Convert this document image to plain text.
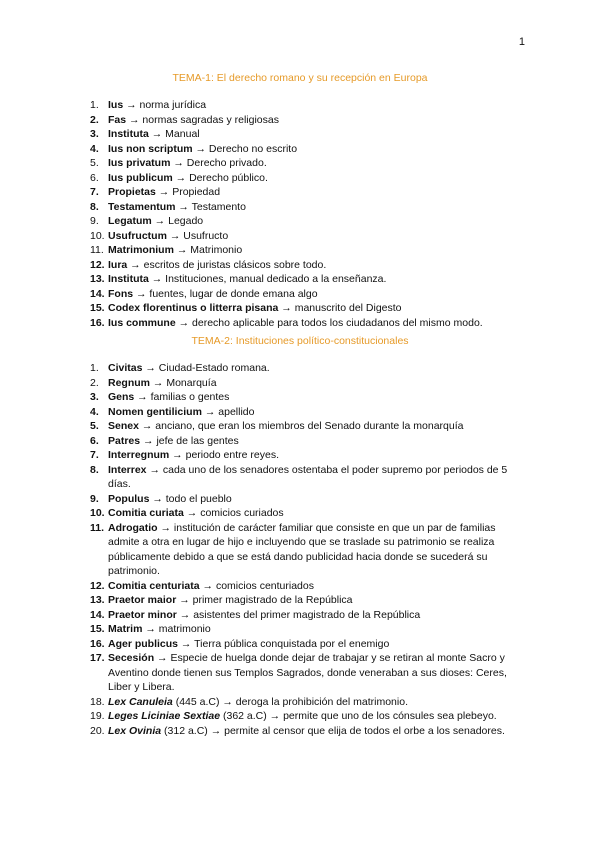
1
TEMA-1: El derecho romano y su recepción en Europa
1. Ius → norma jurídica
2. Fas → normas sagradas y religiosas
3. Instituta → Manual
4. Ius non scriptum → Derecho no escrito
5. Ius privatum → Derecho privado.
6. Ius publicum → Derecho público.
7. Propietas → Propiedad
8. Testamentum → Testamento
9. Legatum → Legado
10. Usufructum → Usufructo
11. Matrimonium → Matrimonio
12. Iura → escritos de juristas clásicos sobre todo.
13. Instituta → Instituciones, manual dedicado a la enseñanza.
14. Fons → fuentes, lugar de donde emana algo
15. Codex florentinus o litterra pisana → manuscrito del Digesto
16. Ius commune → derecho aplicable para todos los ciudadanos del mismo modo.
TEMA-2: Instituciones político-constitucionales
1. Civitas → Ciudad-Estado romana.
2. Regnum → Monarquía
3. Gens → familias o gentes
4. Nomen gentilicium → apellido
5. Senex → anciano, que eran los miembros del Senado durante la monarquía
6. Patres → jefe de las gentes
7. Interregnum → periodo entre reyes.
8. Interrex → cada uno de los senadores ostentaba el poder supremo por periodos de 5 días.
9. Populus → todo el pueblo
10. Comitia curiata → comicios curiados
11. Adrogatio → institución de carácter familiar que consiste en que un par de familias admite a otra en lugar de hijo e incluyendo que se traslade su patrimonio se realiza públicamente debido a que se está dando publicidad hacia donde se sucederá su patrimonio.
12. Comitia centuriata → comicios centuriados
13. Praetor maior → primer magistrado de la República
14. Praetor minor → asistentes del primer magistrado de la República
15. Matrim → matrimonio
16. Ager publicus → Tierra pública conquistada por el enemigo
17. Secesión → Especie de huelga donde dejar de trabajar y se retiran al monte Sacro y Aventino donde tienen sus Templos Sagrados, donde veneraban a sus dioses: Ceres, Liber y Libera.
18. Lex Canuleia (445 a.C) → deroga la prohibición del matrimonio.
19. Leges Liciniae Sextiae (362 a.C) → permite que uno de los cónsules sea plebeyo.
20. Lex Ovinia (312 a.C) → permite al censor que elija de todos el orbe a los senadores.
